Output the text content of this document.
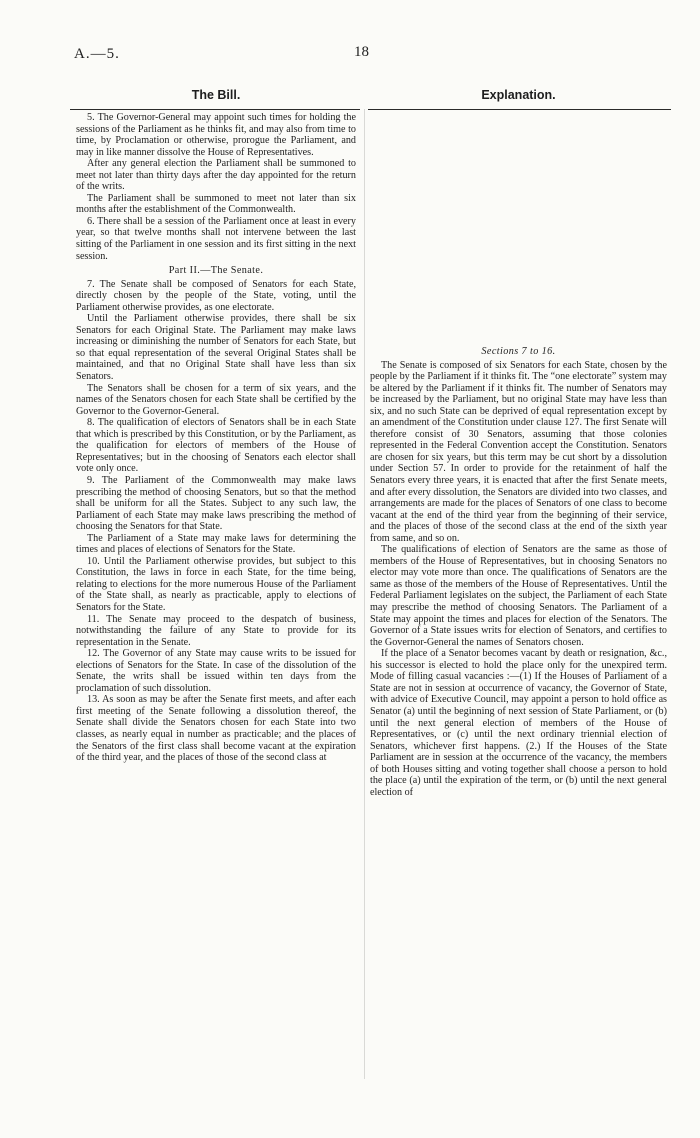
A.—5.	18
The Bill.	Explanation.

5. The Governor-General may appoint such times for holding the sessions of the Parliament as he thinks fit, and may also from time to time, by Proclamation or otherwise, prorogue the Parliament, and may in like manner dissolve the House of Representatives.

After any general election the Parliament shall be summoned to meet not later than thirty days after the day appointed for the return of the writs.

The Parliament shall be summoned to meet not later than six months after the establishment of the Commonwealth.

6. There shall be a session of the Parliament once at least in every year, so that twelve months shall not intervene between the last sitting of the Parliament in one session and its first sitting in the next session.

Part II.—The Senate.

7. The Senate shall be composed of Senators for each State, directly chosen by the people of the State, voting, until the Parliament otherwise provides, as one electorate.

Until the Parliament otherwise provides, there shall be six Senators for each Original State. The Parliament may make laws increasing or diminishing the number of Senators for each State, but so that equal representation of the several Original States shall be maintained, and that no Original State shall have less than six Senators.

The Senators shall be chosen for a term of six years, and the names of the Senators chosen for each State shall be certified by the Governor to the Governor-General.

8. The qualification of electors of Senators shall be in each State that which is prescribed by this Constitution, or by the Parliament, as the qualification for electors of members of the House of Representatives; but in the choosing of Senators each elector shall vote only once.

9. The Parliament of the Commonwealth may make laws prescribing the method of choosing Senators, but so that the method shall be uniform for all the States. Subject to any such law, the Parliament of each State may make laws prescribing the method of choosing the Senators for that State.

The Parliament of a State may make laws for determining the times and places of elections of Senators for the State.

10. Until the Parliament otherwise provides, but subject to this Constitution, the laws in force in each State, for the time being, relating to elections for the more numerous House of the Parliament of the State shall, as nearly as practicable, apply to elections of Senators for the State.

11. The Senate may proceed to the despatch of business, notwithstanding the failure of any State to provide for its representation in the Senate.

12. The Governor of any State may cause writs to be issued for elections of Senators for the State. In case of the dissolution of the Senate, the writs shall be issued within ten days from the proclamation of such dissolution.

13. As soon as may be after the Senate first meets, and after each first meeting of the Senate following a dissolution thereof, the Senate shall divide the Senators chosen for each State into two classes, as nearly equal in number as practicable; and the places of the Senators of the first class shall become vacant at the expiration of the third year, and the places of those of the second class at

Sections 7 to 16.

The Senate is composed of six Senators for each State, chosen by the people by the Parliament if it thinks fit. The “one electorate” system may be altered by the Parliament if it thinks fit. The number of Senators may be increased by the Parliament, but no original State may have less than six, and no such State can be deprived of equal representation except by an amendment of the Constitution under clause 127. The first Senate will therefore consist of 30 Senators, assuming that those colonies represented in the Federal Convention accept the Constitution. Senators are chosen for six years, but this term may be cut short by a dissolution under Section 57. In order to provide for the retainment of half the Senators every three years, it is enacted that after the first Senate meets, and after every dissolution, the Senators are divided into two classes, and arrangements are made for the places of Senators of one class to become vacant at the end of the third year from the beginning of their service, and the places of those of the second class at the end of the sixth year from same, and so on.

The qualifications of election of Senators are the same as those of members of the House of Representatives, but in choosing Senators no elector may vote more than once. The qualifications of Senators are the same as those of the members of the House of Representatives. Until the Federal Parliament legislates on the subject, the Parliament of each State may prescribe the method of choosing Senators. The Parliament of a State may appoint the times and places for election of the Senators. The Governor of a State issues writs for election of Senators, and certifies to the Governor-General the names of Senators chosen.

If the place of a Senator becomes vacant by death or resignation, &c., his successor is elected to hold the place only for the unexpired term. Mode of filling casual vacancies :—(1) If the Houses of Parliament of a State are not in session at occurrence of vacancy, the Governor of State, with advice of Executive Council, may appoint a person to hold office as Senator (a) until the beginning of next session of State Parliament, or (b) until the next general election of members of the House of Representatives, or (c) until the next ordinary triennial election of Senators, whichever first happens. (2.) If the Houses of the State Parliament are in session at the occurrence of the vacancy, the members of both Houses sitting and voting together shall choose a person to hold the place (a) until the expiration of the term, or (b) until the next general election of
